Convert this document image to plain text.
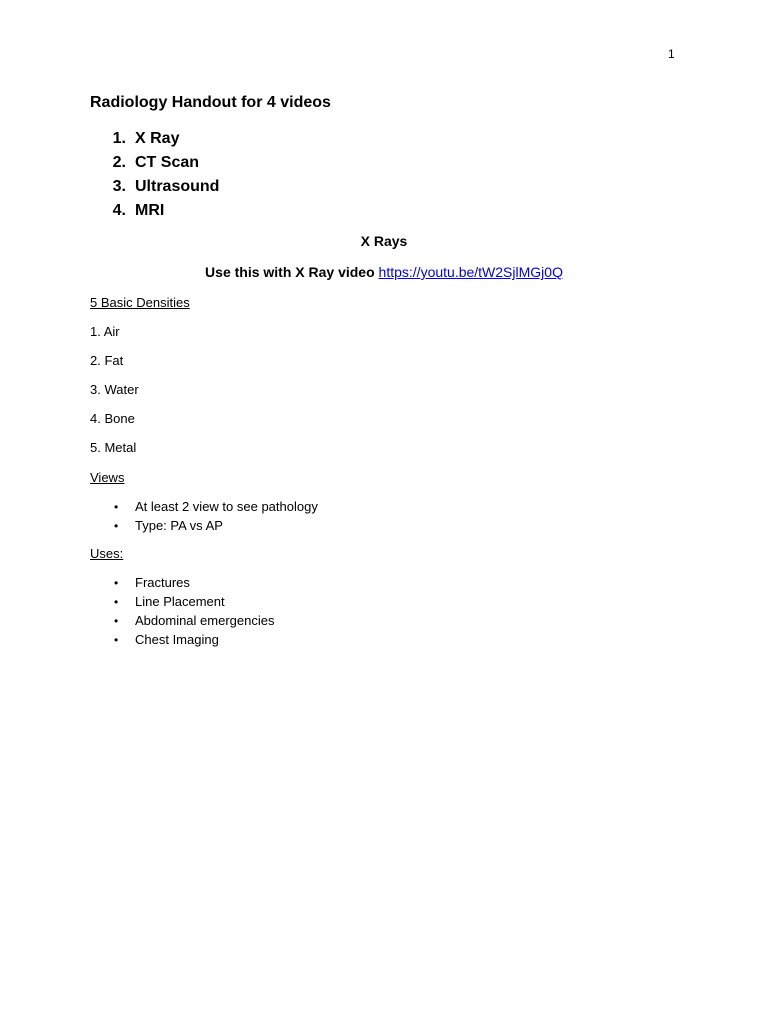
1
Radiology Handout for 4 videos
1. X Ray
2. CT Scan
3. Ultrasound
4. MRI
X Rays
Use this with X Ray video https://youtu.be/tW2SjlMGj0Q
5 Basic Densities
1. Air
2. Fat
3. Water
4. Bone
5. Metal
Views
• At least 2 view to see pathology
• Type: PA vs AP
Uses:
• Fractures
• Line Placement
• Abdominal emergencies
• Chest Imaging
